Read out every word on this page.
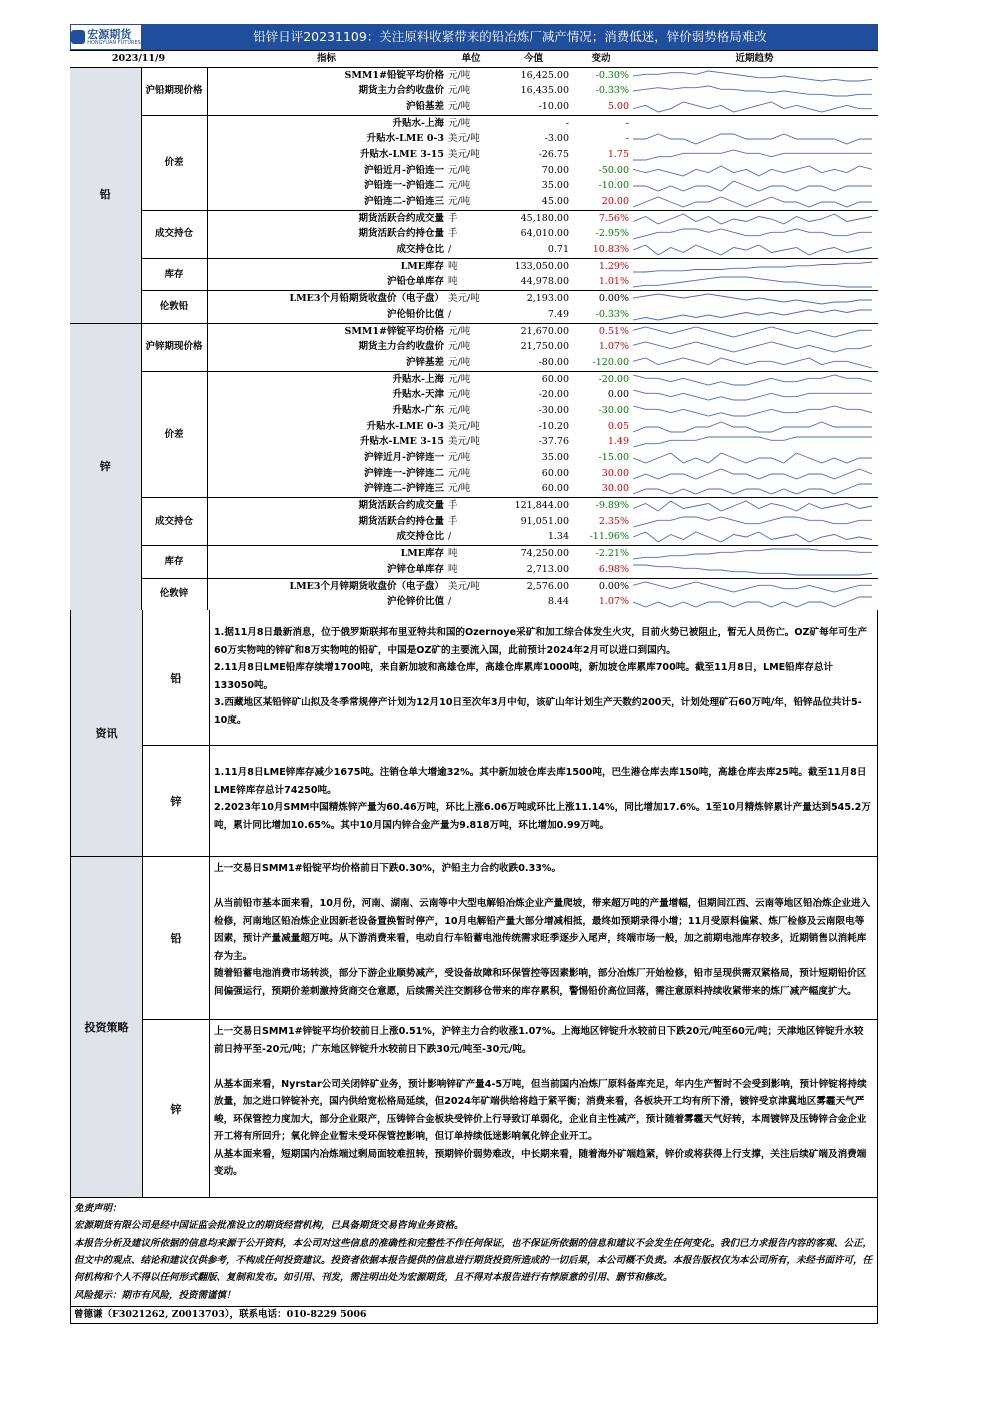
宏源期货
HONGYUAN FUTURES	铅锌日评20231109：关注原料收紧带来的铅冶炼厂减产情况；消费低迷，锌价弱势格局难改
2023/11/9		指标	单位	今值	变动	近期趋势
铅	沪铅期现价格	SMM1#铅锭平均价格	元/吨	16,425.00	-0.30%	

		期货主力合约收盘价	元/吨	16,435.00	-0.33%	

		沪铅基差	元/吨	-10.00	5.00	

	价差	升贴水-上海	元/吨	-	-	

		升贴水-LME 0-3	美元/吨	-3.00	-	

		升贴水-LME 3-15	美元/吨	-26.75	1.75	

		沪铅近月-沪铅连一	元/吨	70.00	-50.00	

		沪铅连一-沪铅连二	元/吨	35.00	-10.00	

		沪铅连二-沪铅连三	元/吨	45.00	20.00	

	成交持仓	期货活跃合约成交量	手	45,180.00	7.56%	

		期货活跃合约持仓量	手	64,010.00	-2.95%	

		成交持仓比	/	0.71	10.83%	

	库存	LME库存	吨	133,050.00	1.29%	

		沪铅仓单库存	吨	44,978.00	1.01%	

	伦敦铅	LME3个月铅期货收盘价（电子盘）	美元/吨	2,193.00	0.00%	

		沪伦铅价比值	/	7.49	-0.33%	

锌	沪锌期现价格	SMM1#锌锭平均价格	元/吨	21,670.00	0.51%	

		期货主力合约收盘价	元/吨	21,750.00	1.07%	

		沪锌基差	元/吨	-80.00	-120.00	

	价差	升贴水-上海	元/吨	60.00	-20.00	

		升贴水-天津	元/吨	-20.00	0.00	

		升贴水-广东	元/吨	-30.00	-30.00	

		升贴水-LME 0-3	美元/吨	-10.20	0.05	

		升贴水-LME 3-15	美元/吨	-37.76	1.49	

		沪锌近月-沪锌连一	元/吨	35.00	-15.00	

		沪锌连一-沪锌连二	元/吨	60.00	30.00	

		沪锌连二-沪锌连三	元/吨	60.00	30.00	

	成交持仓	期货活跃合约成交量	手	121,844.00	-9.89%	

		期货活跃合约持仓量	手	91,051.00	2.35%	

		成交持仓比	/	1.34	-11.96%	

	库存	LME库存	吨	74,250.00	-2.21%	

		沪锌仓单库存	吨	2,713.00	6.98%	

	伦敦锌	LME3个月锌期货收盘价（电子盘）	美元/吨	2,576.00	0.00%	

		沪伦锌价比值	/	8.44	1.07%	
资讯
铅

1.据11月8日最新消息，位于俄罗斯联邦布里亚特共和国的Ozernoye采矿和加工综合体发生火灾，目前火势已被阻止，暂无人员伤亡。OZ矿每年可生产60万实物吨的锌矿和8万实物吨的铅矿，中国是OZ矿的主要流入国，此前预计2024年2月可以进口到国内。

2.11月8日LME铅库存续增1700吨，来自新加坡和高雄仓库，高雄仓库累库1000吨，新加坡仓库累库700吨。截至11月8日，LME铅库存总计133050吨。

3.西藏地区某铅锌矿山拟及冬季常规停产计划为12月10日至次年3月中旬，该矿山年计划生产天数约200天，计划处理矿石60万吨/年，铅锌品位共计5-10度。

锌

1.11月8日LME锌库存减少1675吨。注销仓单大增逾32%。其中新加坡仓库去库1500吨，巴生港仓库去库150吨，高雄仓库去库25吨。截至11月8日LME锌库存总计74250吨。

2.2023年10月SMM中国精炼锌产量为60.46万吨，环比上涨6.06万吨或环比上涨11.14%，同比增加17.6%。1至10月精炼锌累计产量达到545.2万吨，累计同比增加10.65%。其中10月国内锌合金产量为9.818万吨，环比增加0.99万吨。

投资策略
铅

上一交易日SMM1#铅锭平均价格前日下跌0.30%，沪铅主力合约收跌0.33%。

从当前铅市基本面来看，10月份，河南、湖南、云南等中大型电解铅冶炼企业产量爬坡，带来超万吨的产量增幅，但期间江西、云南等地区铅冶炼企业进入检修，河南地区铅冶炼企业因新老设备置换暂时停产，10月电解铅产量大部分增减相抵，最终如预期录得小增；11月受原料偏紧、炼厂检修及云南限电等因素，预计产量减量超万吨。从下游消费来看，电动自行车铅蓄电池传统需求旺季逐步入尾声，终端市场一般，加之前期电池库存较多，近期销售以消耗库存为主。

随着铅蓄电池消费市场转淡，部分下游企业顺势减产，受设备故障和环保管控等因素影响，部分冶炼厂开始检修，铅市呈现供需双紧格局，预计短期铅价区间偏强运行，预期价差刺激持货商交仓意愿，后续需关注交割移仓带来的库存累积，警惕铅价高位回落，需注意原料持续收紧带来的炼厂减产幅度扩大。

锌

上一交易日SMM1#锌锭平均价较前日上涨0.51%，沪锌主力合约收涨1.07%。上海地区锌锭升水较前日下跌20元/吨至60元/吨；天津地区锌锭升水较前日持平至-20元/吨；广东地区锌锭升水较前日下跌30元/吨至-30元/吨。

从基本面来看，Nyrstar公司关闭锌矿业务，预计影响锌矿产量4-5万吨，但当前国内冶炼厂原料备库充足，年内生产暂时不会受到影响，预计锌锭将持续放量，加之进口锌锭补充，国内供给宽松格局延续，但2024年矿端供给将趋于紧平衡；消费来看，各板块开工均有所下滑，镀锌受京津冀地区雾霾天气严峻，环保管控力度加大，部分企业限产，压铸锌合金板块受锌价上行导致订单弱化，企业自主性减产，预计随着雾霾天气好转，本周镀锌及压铸锌合金企业开工将有所回升；氧化锌企业暂未受环保管控影响，但订单持续低迷影响氧化锌企业开工。

从基本面来看，短期国内冶炼端过剩局面较难扭转，预期锌价弱势难改，中长期来看，随着海外矿端趋紧，锌价或将获得上行支撑，关注后续矿端及消费端变动。

免责声明：

宏源期货有限公司是经中国证监会批准设立的期货经营机构，已具备期货交易咨询业务资格。

本报告分析及建议所依据的信息均来源于公开资料，本公司对这些信息的准确性和完整性不作任何保证，也不保证所依据的信息和建议不会发生任何变化。我们已力求报告内容的客观、公正，但文中的观点、结论和建议仅供参考，不构成任何投资建议。投资者依据本报告提供的信息进行期货投资所造成的一切后果，本公司概不负责。本报告版权仅为本公司所有，未经书面许可，任何机构和个人不得以任何形式翻版、复制和发布。如引用、刊发，需注明出处为宏源期货，且不得对本报告进行有悖原意的引用、删节和修改。

风险提示：期市有风险，投资需谨慎！

曾德谦（F3021262, Z0013703），联系电话：010-8229 5006
